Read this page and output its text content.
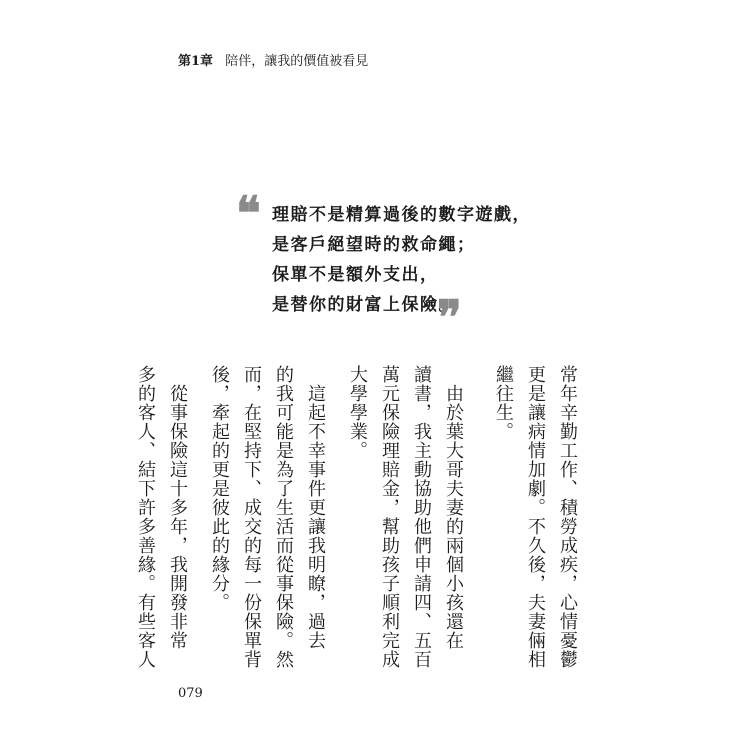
第1章 陪伴，讓我的價值被看見
❝ 理賠不是精算過後的數字遊戲，
是客戶絕望時的救命繩；
保單不是額外支出，
是替你的財富上保險。
❞
常年辛勤工作、積勞成疾，心情憂鬱
更是讓病情加劇。不久後，夫妻倆相
繼往生。
　由於葉大哥夫妻的兩個小孩還在
讀書，我主動協助他們申請四、五百
萬元保險理賠金，幫助孩子順利完成
大學學業。
　這起不幸事件更讓我明瞭，過去
的我可能是為了生活而從事保險。然
而，在堅持下、成交的每一份保單背
後，牽起的更是彼此的緣分。
　從事保險這十多年，我開發非常
多的客人、結下許多善緣。有些客人
079
